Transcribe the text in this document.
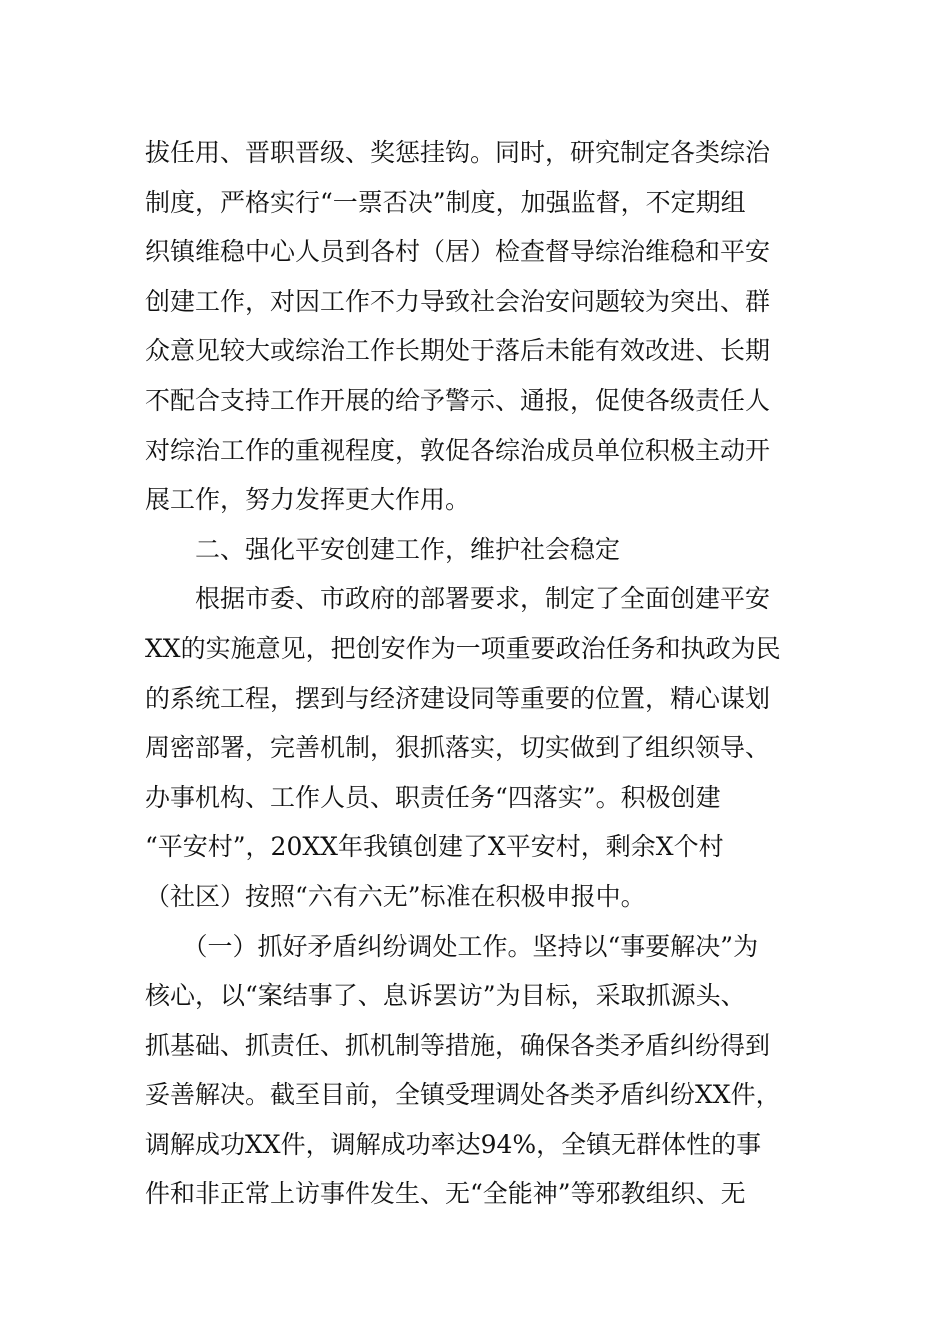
拔任用、晋职晋级、奖惩挂钩。同时，研究制定各类综治
制度，严格实行“一票否决”制度，加强监督，不定期组
织镇维稳中心人员到各村（居）检查督导综治维稳和平安
创建工作，对因工作不力导致社会治安问题较为突出、群
众意见较大或综治工作长期处于落后未能有效改进、长期
不配合支持工作开展的给予警示、通报，促使各级责任人
对综治工作的重视程度，敦促各综治成员单位积极主动开
展工作，努力发挥更大作用。
　　二、强化平安创建工作，维护社会稳定
　　根据市委、市政府的部署要求，制定了全面创建平安
XX的实施意见，把创安作为一项重要政治任务和执政为民
的系统工程，摆到与经济建设同等重要的位置，精心谋划
周密部署，完善机制，狠抓落实，切实做到了组织领导、
办事机构、工作人员、职责任务“四落实”。积极创建
“平安村”，20XX年我镇创建了X平安村，剩余X个村
（社区）按照“六有六无”标准在积极申报中。
　　（一）抓好矛盾纠纷调处工作。坚持以“事要解决”为
核心，以“案结事了、息诉罢访”为目标，采取抓源头、
抓基础、抓责任、抓机制等措施，确保各类矛盾纠纷得到
妥善解决。截至目前，全镇受理调处各类矛盾纠纷XX件，
调解成功XX件，调解成功率达94%，全镇无群体性的事
件和非正常上访事件发生、无“全能神”等邪教组织、无
